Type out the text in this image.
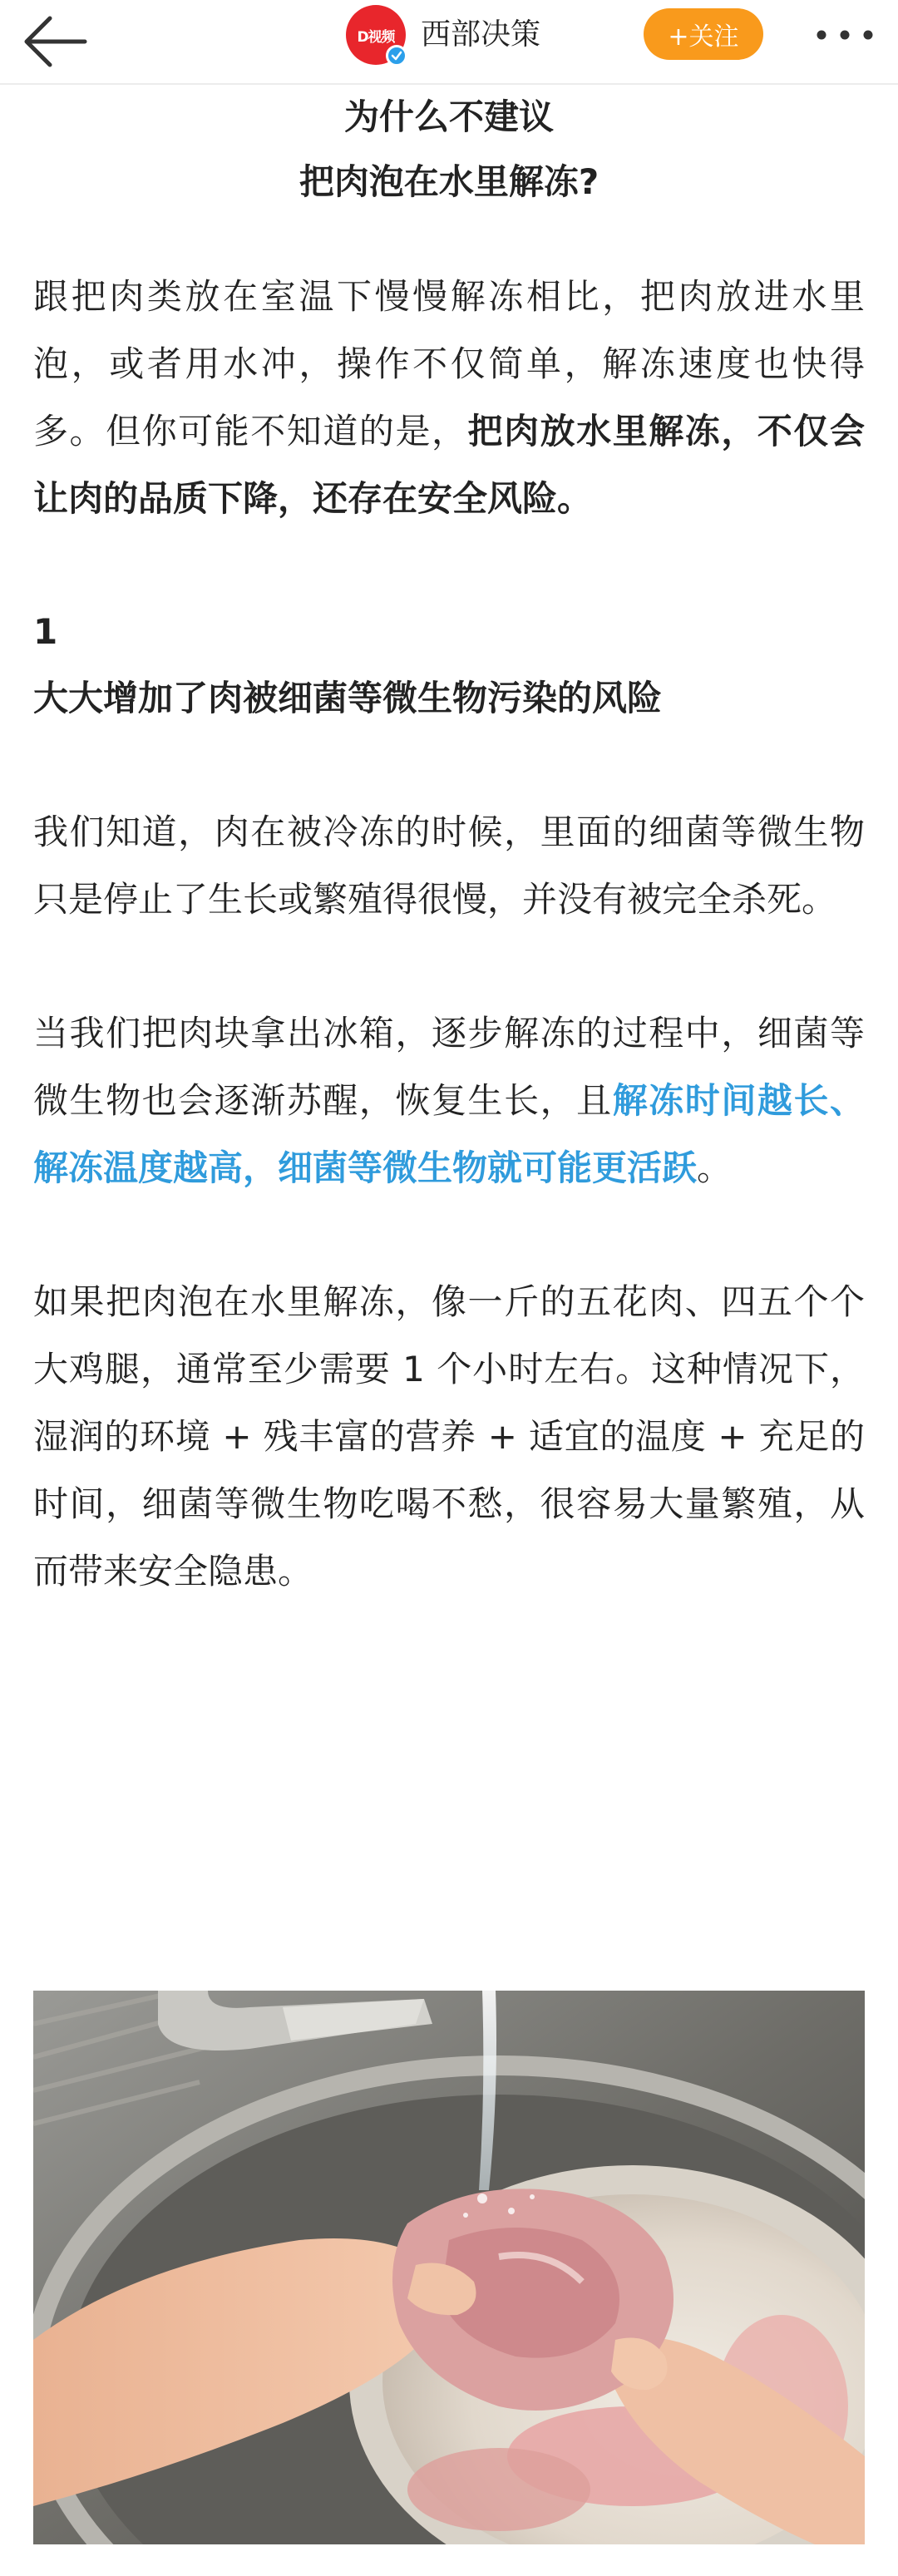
D视频 西部决策	+关注

为什么不建议

把肉泡在水里解冻?

跟把肉类放在室温下慢慢解冻相比，把肉放进水里泡，或者用水冲，操作不仅简单，解冻速度也快得多。但你可能不知道的是，把肉放水里解冻，不仅会让肉的品质下降，还存在安全风险。

1

大大增加了肉被细菌等微生物污染的风险

我们知道，肉在被冷冻的时候，里面的细菌等微生物只是停止了生长或繁殖得很慢，并没有被完全杀死。

当我们把肉块拿出冰箱，逐步解冻的过程中，细菌等微生物也会逐渐苏醒，恢复生长，且解冻时间越长、解冻温度越高，细菌等微生物就可能更活跃。

如果把肉泡在水里解冻，像一斤的五花肉、四五个个大鸡腿，通常至少需要 1 个小时左右。这种情况下，湿润的环境 + 残丰富的营养 + 适宜的温度 + 充足的时间，细菌等微生物吃喝不愁，很容易大量繁殖，从而带来安全隐患。
